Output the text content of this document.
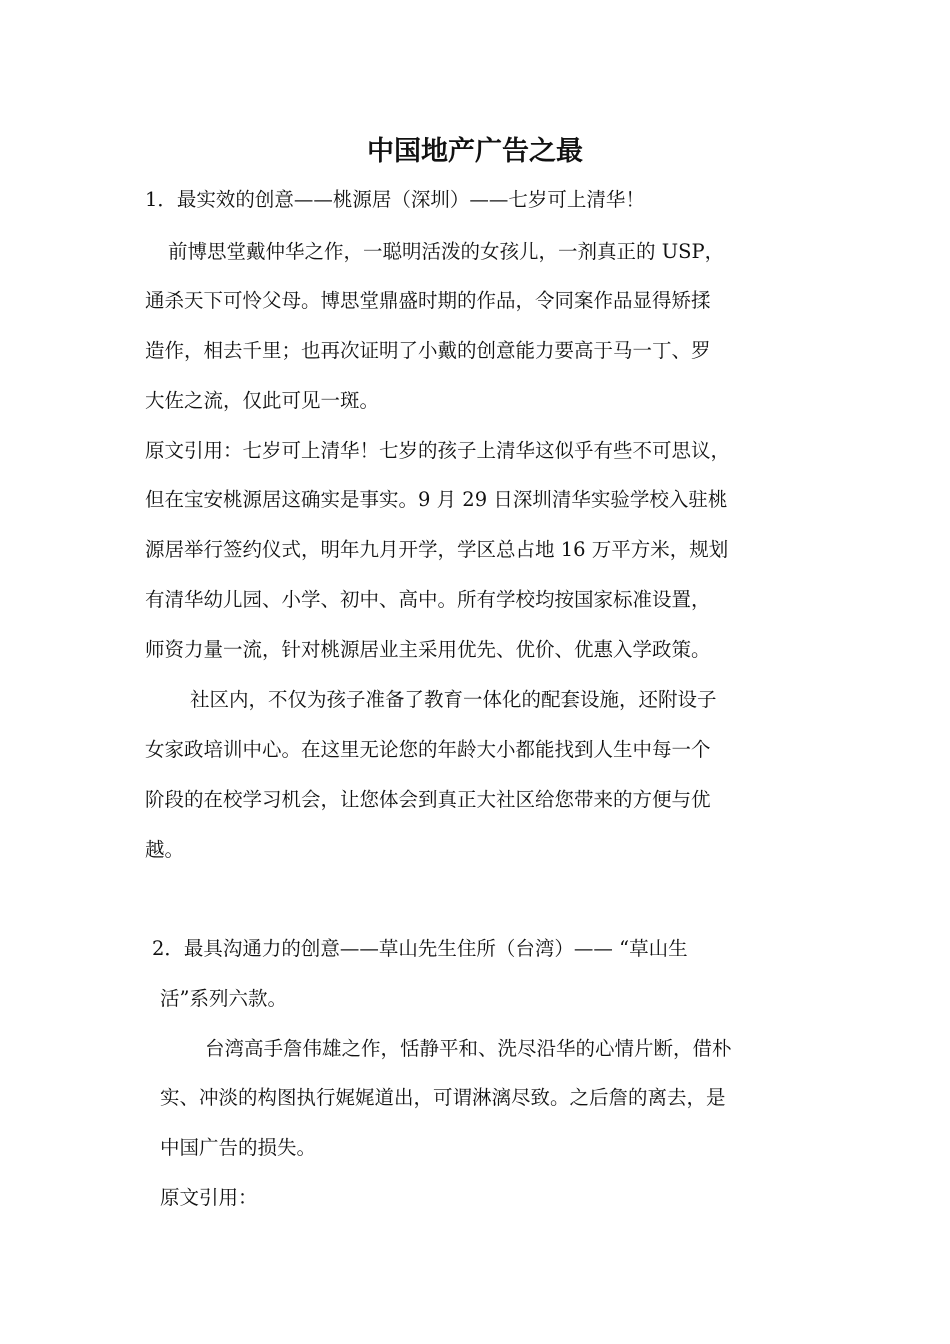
中国地产广告之最

1．最实效的创意——桃源居（深圳）——七岁可上清华！

前博思堂戴仲华之作，一聪明活泼的女孩儿，一剂真正的 USP，

通杀天下可怜父母。博思堂鼎盛时期的作品，令同案作品显得矫揉

造作，相去千里；也再次证明了小戴的创意能力要高于马一丁、罗

大佐之流，仅此可见一斑。

原文引用：七岁可上清华！七岁的孩子上清华这似乎有些不可思议，

但在宝安桃源居这确实是事实。9 月 29 日深圳清华实验学校入驻桃

源居举行签约仪式，明年九月开学，学区总占地 16 万平方米，规划

有清华幼儿园、小学、初中、高中。所有学校均按国家标准设置，

师资力量一流，针对桃源居业主采用优先、优价、优惠入学政策。

社区内，不仅为孩子准备了教育一体化的配套设施，还附设子

女家政培训中心。在这里无论您的年龄大小都能找到人生中每一个

阶段的在校学习机会，让您体会到真正大社区给您带来的方便与优

越。

2．最具沟通力的创意——草山先生住所（台湾）—— “草山生

活”系列六款。

台湾高手詹伟雄之作，恬静平和、洗尽沿华的心情片断，借朴

实、冲淡的构图执行娓娓道出，可谓淋漓尽致。之后詹的离去，是

中国广告的损失。

原文引用：
